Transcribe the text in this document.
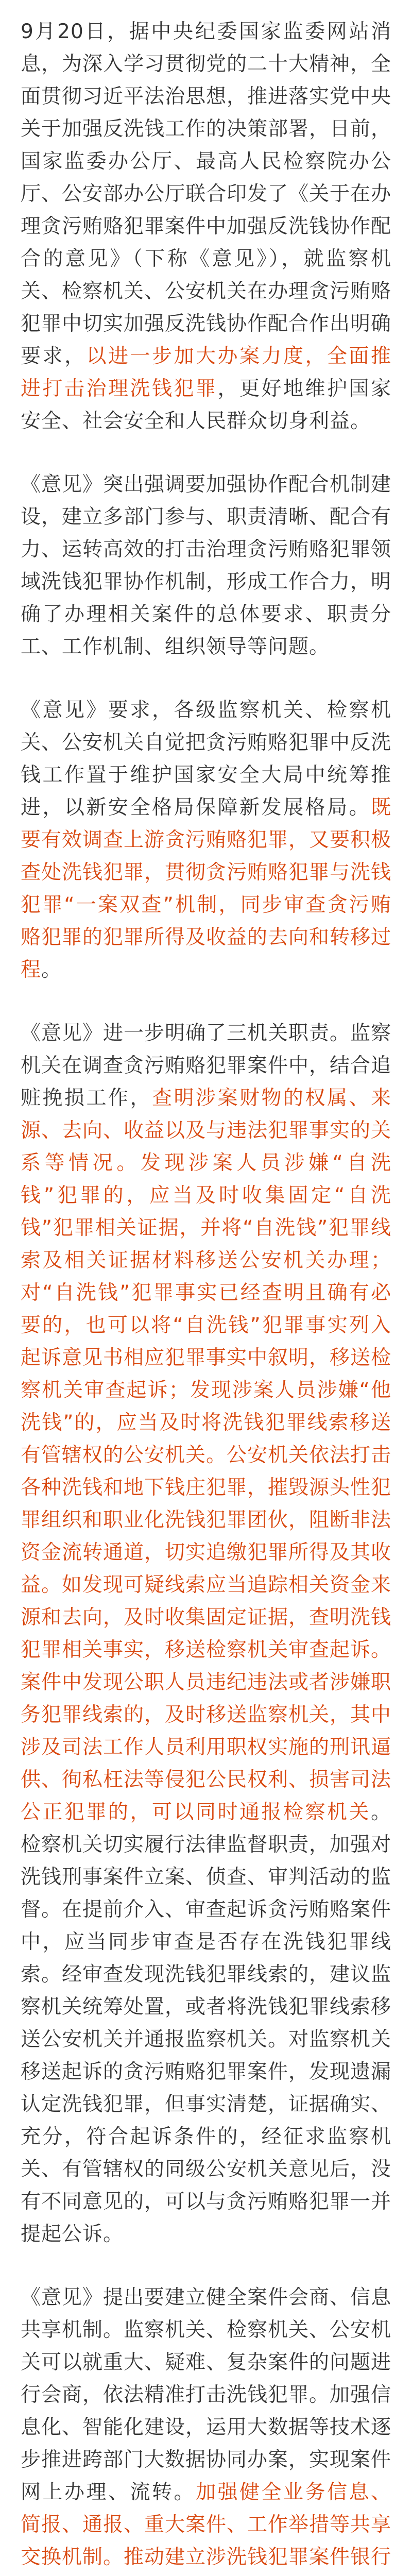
9月20日，据中央纪委国家监委网站消息，为深入学习贯彻党的二十大精神，全面贯彻习近平法治思想，推进落实党中央关于加强反洗钱工作的决策部署，日前，国家监委办公厅、最高人民检察院办公厅、公安部办公厅联合印发了《关于在办理贪污贿赂犯罪案件中加强反洗钱协作配合的意见》（下称《意见》），就监察机关、检察机关、公安机关在办理贪污贿赂犯罪中切实加强反洗钱协作配合作出明确要求，以进一步加大办案力度，全面推进打击治理洗钱犯罪，更好地维护国家安全、社会安全和人民群众切身利益。

《意见》突出强调要加强协作配合机制建设，建立多部门参与、职责清晰、配合有力、运转高效的打击治理贪污贿赂犯罪领域洗钱犯罪协作机制，形成工作合力，明确了办理相关案件的总体要求、职责分工、工作机制、组织领导等问题。

《意见》要求，各级监察机关、检察机关、公安机关自觉把贪污贿赂犯罪中反洗钱工作置于维护国家安全大局中统筹推进，以新安全格局保障新发展格局。既要有效调查上游贪污贿赂犯罪，又要积极查处洗钱犯罪，贯彻贪污贿赂犯罪与洗钱犯罪“一案双查”机制，同步审查贪污贿赂犯罪的犯罪所得及收益的去向和转移过程。

《意见》进一步明确了三机关职责。监察机关在调查贪污贿赂犯罪案件中，结合追赃挽损工作，查明涉案财物的权属、来源、去向、收益以及与违法犯罪事实的关系等情况。发现涉案人员涉嫌“自洗钱”犯罪的，应当及时收集固定“自洗钱”犯罪相关证据，并将“自洗钱”犯罪线索及相关证据材料移送公安机关办理；对“自洗钱”犯罪事实已经查明且确有必要的，也可以将“自洗钱”犯罪事实列入起诉意见书相应犯罪事实中叙明，移送检察机关审查起诉；发现涉案人员涉嫌“他洗钱”的，应当及时将洗钱犯罪线索移送有管辖权的公安机关。公安机关依法打击各种洗钱和地下钱庄犯罪，摧毁源头性犯罪组织和职业化洗钱犯罪团伙，阻断非法资金流转通道，切实追缴犯罪所得及其收益。如发现可疑线索应当追踪相关资金来源和去向，及时收集固定证据，查明洗钱犯罪相关事实，移送检察机关审查起诉。案件中发现公职人员违纪违法或者涉嫌职务犯罪线索的，及时移送监察机关，其中涉及司法工作人员利用职权实施的刑讯逼供、徇私枉法等侵犯公民权利、损害司法公正犯罪的，可以同时通报检察机关。检察机关切实履行法律监督职责，加强对洗钱刑事案件立案、侦查、审判活动的监督。在提前介入、审查起诉贪污贿赂案件中，应当同步审查是否存在洗钱犯罪线索。经审查发现洗钱犯罪线索的，建议监察机关统筹处置，或者将洗钱犯罪线索移送公安机关并通报监察机关。对监察机关移送起诉的贪污贿赂犯罪案件，发现遗漏认定洗钱犯罪，但事实清楚，证据确实、充分，符合起诉条件的，经征求监察机关、有管辖权的同级公安机关意见后，没有不同意见的，可以与贪污贿赂犯罪一并提起公诉。

《意见》提出要建立健全案件会商、信息共享机制。监察机关、检察机关、公安机关可以就重大、疑难、复杂案件的问题进行会商，依法精准打击洗钱犯罪。加强信息化、智能化建设，运用大数据等技术逐步推进跨部门大数据协同办案，实现案件网上办理、流转。加强健全业务信息、简报、通报、重大案件、工作举措等共享交换机制。推动建立涉洗钱犯罪案件银行
